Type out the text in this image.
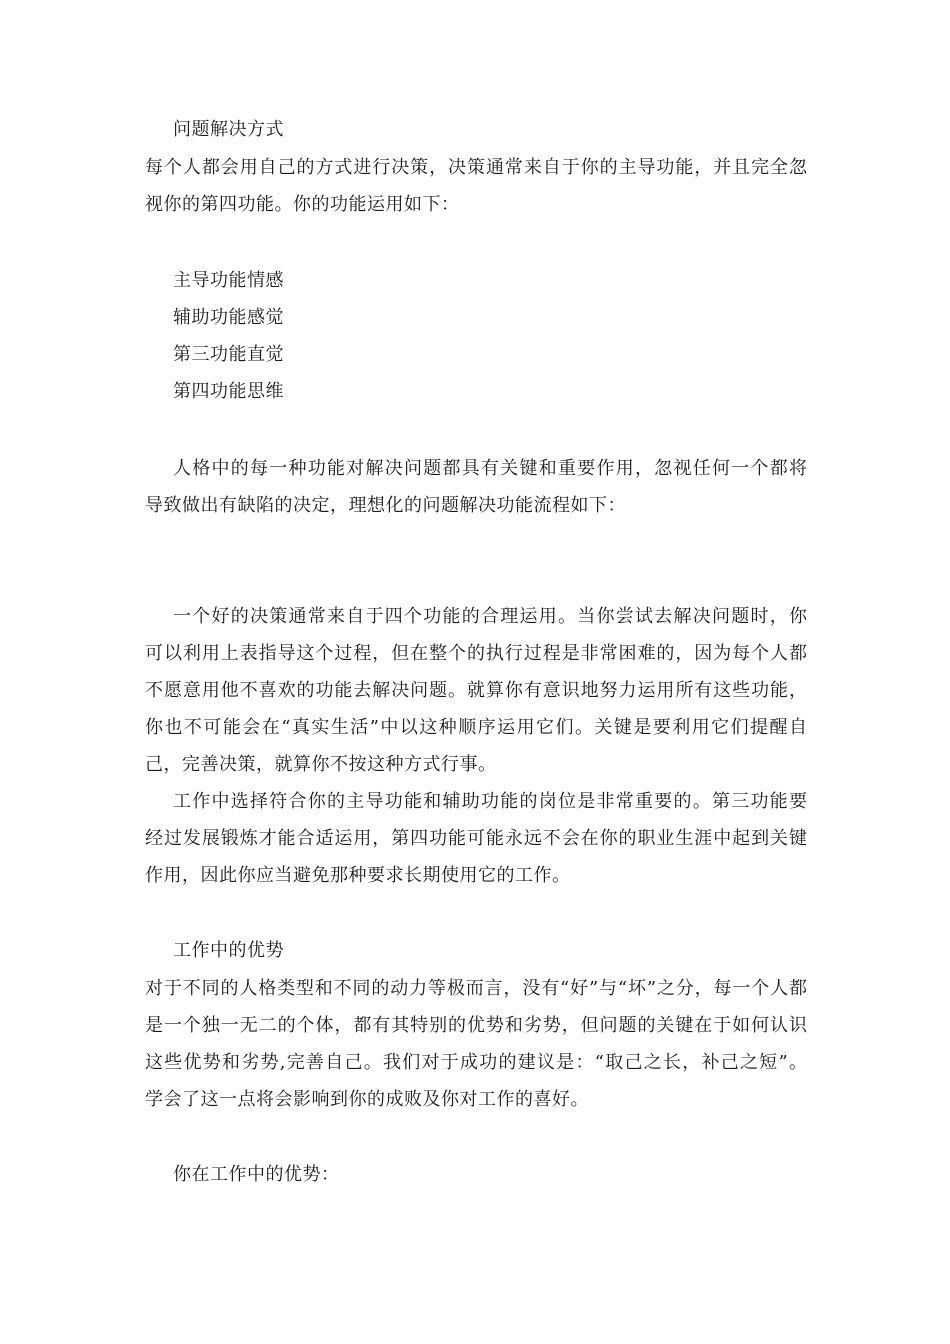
问题解决方式
每个人都会用自己的方式进行决策，决策通常来自于你的主导功能，并且完全忽
视你的第四功能。你的功能运用如下：
主导功能情感
辅助功能感觉
第三功能直觉
第四功能思维
人格中的每一种功能对解决问题都具有关键和重要作用，忽视任何一个都将
导致做出有缺陷的决定，理想化的问题解决功能流程如下：
一个好的决策通常来自于四个功能的合理运用。当你尝试去解决问题时，你
可以利用上表指导这个过程，但在整个的执行过程是非常困难的，因为每个人都
不愿意用他不喜欢的功能去解决问题。就算你有意识地努力运用所有这些功能，
你也不可能会在“真实生活”中以这种顺序运用它们。关键是要利用它们提醒自
己，完善决策，就算你不按这种方式行事。
工作中选择符合你的主导功能和辅助功能的岗位是非常重要的。第三功能要
经过发展锻炼才能合适运用，第四功能可能永远不会在你的职业生涯中起到关键
作用，因此你应当避免那种要求长期使用它的工作。
工作中的优势
对于不同的人格类型和不同的动力等极而言，没有“好”与“坏”之分，每一个人都
是一个独一无二的个体，都有其特别的优势和劣势，但问题的关键在于如何认识
这些优势和劣势,完善自己。我们对于成功的建议是：“取己之长，补己之短”。
学会了这一点将会影响到你的成败及你对工作的喜好。
你在工作中的优势：
